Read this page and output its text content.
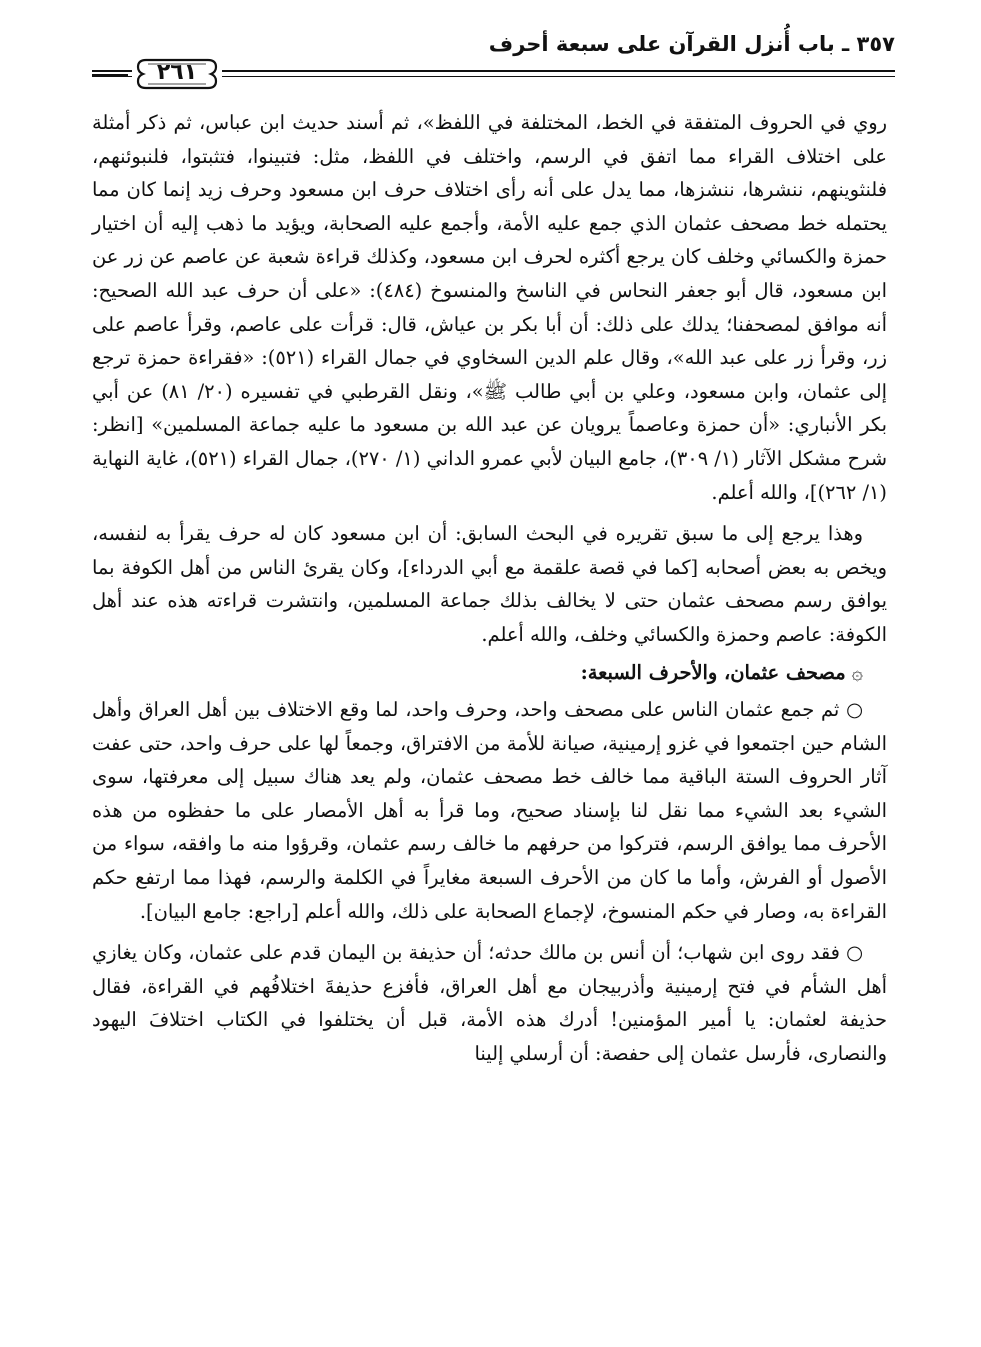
٣٥٧ ـ باب أُنزل القرآن على سبعة أحرف
٢٦١

روي في الحروف المتفقة في الخط، المختلفة في اللفظ»، ثم أسند حديث ابن عباس، ثم ذكر أمثلة على اختلاف القراء مما اتفق في الرسم، واختلف في اللفظ، مثل: فتبينوا، فتثبتوا، فلنبوئنهم، فلنثوينهم، ننشرها، ننشزها، مما يدل على أنه رأى اختلاف حرف ابن مسعود وحرف زيد إنما كان مما يحتمله خط مصحف عثمان الذي جمع عليه الأمة، وأجمع عليه الصحابة، ويؤيد ما ذهب إليه أن اختيار حمزة والكسائي وخلف كان يرجع أكثره لحرف ابن مسعود، وكذلك قراءة شعبة عن عاصم عن زر عن ابن مسعود، قال أبو جعفر النحاس في الناسخ والمنسوخ (٤٨٤): «على أن حرف عبد الله الصحيح: أنه موافق لمصحفنا؛ يدلك على ذلك: أن أبا بكر بن عياش، قال: قرأت على عاصم، وقرأ عاصم على زر، وقرأ زر على عبد الله»، وقال علم الدين السخاوي في جمال القراء (٥٢١): «فقراءة حمزة ترجع إلى عثمان، وابن مسعود، وعلي بن أبي طالب ﷺ»، ونقل القرطبي في تفسيره (٢٠/ ٨١) عن أبي بكر الأنباري: «أن حمزة وعاصماً يرويان عن عبد الله بن مسعود ما عليه جماعة المسلمين» [انظر: شرح مشكل الآثار (١/ ٣٠٩)، جامع البيان لأبي عمرو الداني (١/ ٢٧٠)، جمال القراء (٥٢١)، غاية النهاية (١/ ٢٦٢)]، والله أعلم.

وهذا يرجع إلى ما سبق تقريره في البحث السابق: أن ابن مسعود كان له حرف يقرأ به لنفسه، ويخص به بعض أصحابه [كما في قصة علقمة مع أبي الدرداء]، وكان يقرئ الناس من أهل الكوفة بما يوافق رسم مصحف عثمان حتى لا يخالف بذلك جماعة المسلمين، وانتشرت قراءته هذه عند أهل الكوفة: عاصم وحمزة والكسائي وخلف، والله أعلم.

۞مصحف عثمان، والأحرف السبعة:

○ ثم جمع عثمان الناس على مصحف واحد، وحرف واحد، لما وقع الاختلاف بين أهل العراق وأهل الشام حين اجتمعوا في غزو إرمينية، صيانة للأمة من الافتراق، وجمعاً لها على حرف واحد، حتى عفت آثار الحروف الستة الباقية مما خالف خط مصحف عثمان، ولم يعد هناك سبيل إلى معرفتها، سوى الشيء بعد الشيء مما نقل لنا بإسناد صحيح، وما قرأ به أهل الأمصار على ما حفظوه من هذه الأحرف مما يوافق الرسم، فتركوا من حرفهم ما خالف رسم عثمان، وقرؤوا منه ما وافقه، سواء من الأصول أو الفرش، وأما ما كان من الأحرف السبعة مغايراً في الكلمة والرسم، فهذا مما ارتفع حكم القراءة به، وصار في حكم المنسوخ، لإجماع الصحابة على ذلك، والله أعلم [راجع: جامع البيان].

○ فقد روى ابن شهاب؛ أن أنس بن مالك حدثه؛ أن حذيفة بن اليمان قدم على عثمان، وكان يغازي أهل الشأم في فتح إرمينية وأذربيجان مع أهل العراق، فأفزع حذيفةَ اختلافُهم في القراءة، فقال حذيفة لعثمان: يا أمير المؤمنين! أدرك هذه الأمة، قبل أن يختلفوا في الكتاب اختلافَ اليهود والنصارى، فأرسل عثمان إلى حفصة: أن أرسلي إلينا
